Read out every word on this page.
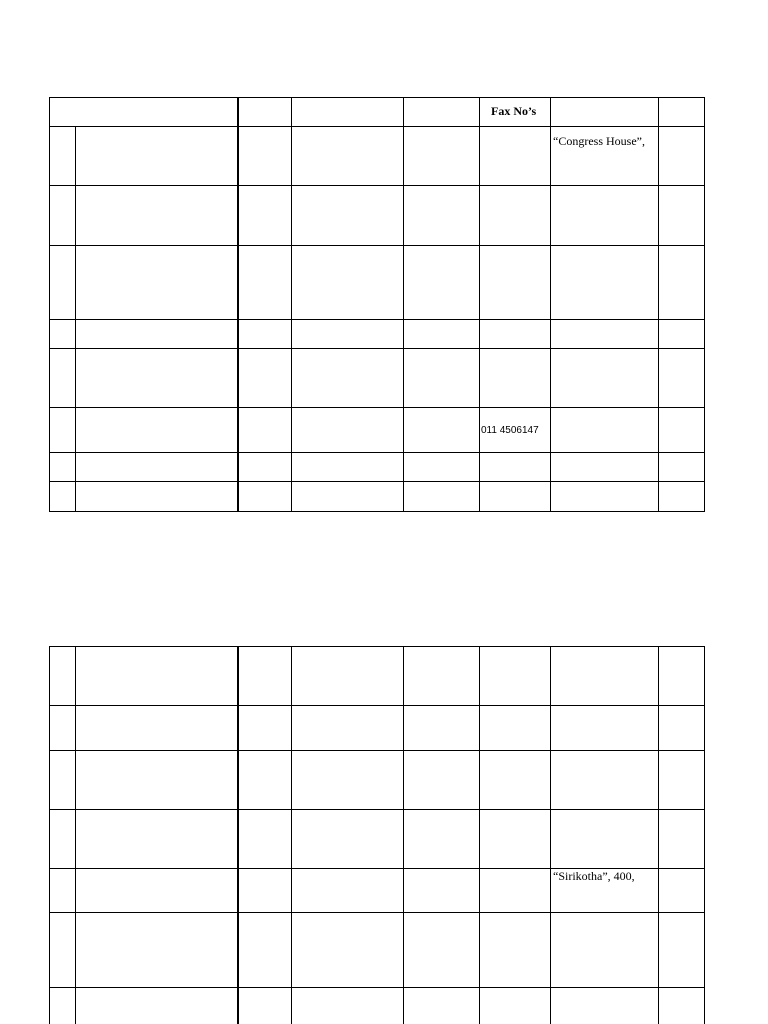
Fax No’s
“Congress House”,
011 4506147
“Sirikotha”, 400,
